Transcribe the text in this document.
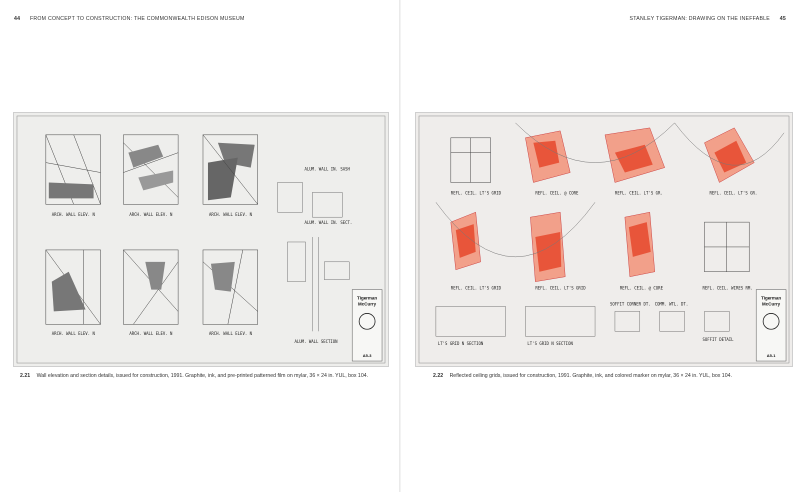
44 FROM CONCEPT TO CONSTRUCTION: THE COMMONWEALTH EDISON MUSEUM
Tigerman
McCurry
A5-3
ARCH. WALL ELEV. N	ARCH. WALL ELEV. N	ARCH. WALL ELEV. N
ARCH. WALL ELEV. N	ARCH. WALL ELEV. N	ARCH. WALL ELEV. N
ALUM. WALL IN. SASH
ALUM. WALL IN. SECT.
ALUM. WALL SECTION
2.21 Wall elevation and section details, issued for construction, 1991. Graphite, ink, and pre-printed patterned film on mylar, 36 × 24 in. YUL, box 104.
STANLEY TIGERMAN: DRAWING ON THE INEFFABLE 45
Tigerman
McCurry
A5-1
REFL. CEIL. LT'S GRID	REFL. CEIL. @ CORE	REFL. CEIL. LT'S GR.	REFL. CEIL. LT'S GR.
REFL. CEIL. LT'S GRID	REFL. CEIL. LT'S GRID	REFL. CEIL. @ CORE	REFL. CEIL. WIRES RM.
LT'S GRID N SECTION	LT'S GRID N SECTION
SOFFIT CORNER DT. COMM. WTL. DT.
SOFFIT DETAIL
2.22 Reflected ceiling grids, issued for construction, 1991. Graphite, ink, and colored marker on mylar, 36 × 24 in. YUL, box 104.
